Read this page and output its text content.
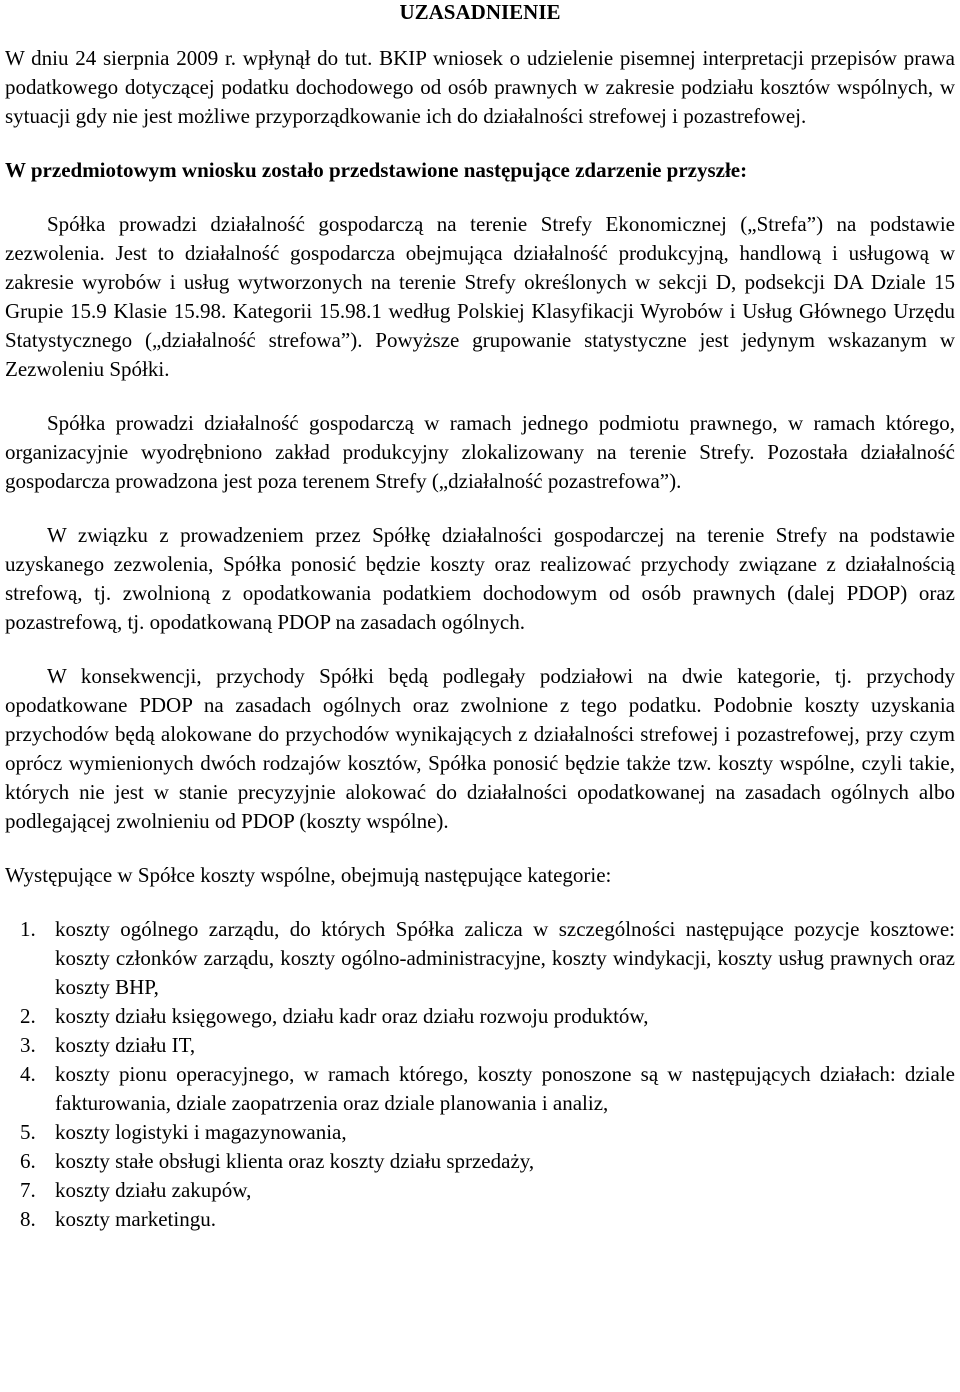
UZASADNIENIE

W dniu 24 sierpnia 2009 r. wpłynął do tut. BKIP wniosek o udzielenie pisemnej interpretacji przepisów prawa podatkowego dotyczącej podatku dochodowego od osób prawnych w zakresie podziału kosztów wspólnych, w sytuacji gdy nie jest możliwe przyporządkowanie ich do działalności strefowej i pozastrefowej.

W przedmiotowym wniosku zostało przedstawione następujące zdarzenie przyszłe:

Spółka prowadzi działalność gospodarczą na terenie Strefy Ekonomicznej („Strefa”) na podstawie zezwolenia. Jest to działalność gospodarcza obejmująca działalność produkcyjną, handlową i usługową w zakresie wyrobów i usług wytworzonych na terenie Strefy określonych w sekcji D, podsekcji DA Dziale 15 Grupie 15.9 Klasie 15.98. Kategorii 15.98.1 według Polskiej Klasyfikacji Wyrobów i Usług Głównego Urzędu Statystycznego („działalność strefowa”). Powyższe grupowanie statystyczne jest jedynym wskazanym w Zezwoleniu Spółki.

Spółka prowadzi działalność gospodarczą w ramach jednego podmiotu prawnego, w ramach którego, organizacyjnie wyodrębniono zakład produkcyjny zlokalizowany na terenie Strefy. Pozostała działalność gospodarcza prowadzona jest poza terenem Strefy („działalność pozastrefowa”).

W związku z prowadzeniem przez Spółkę działalności gospodarczej na terenie Strefy na podstawie uzyskanego zezwolenia, Spółka ponosić będzie koszty oraz realizować przychody związane z działalnością strefową, tj. zwolnioną z opodatkowania podatkiem dochodowym od osób prawnych (dalej PDOP) oraz pozastrefową, tj. opodatkowaną PDOP na zasadach ogólnych.

W konsekwencji, przychody Spółki będą podlegały podziałowi na dwie kategorie, tj. przychody opodatkowane PDOP na zasadach ogólnych oraz zwolnione z tego podatku. Podobnie koszty uzyskania przychodów będą alokowane do przychodów wynikających z działalności strefowej i pozastrefowej, przy czym oprócz wymienionych dwóch rodzajów kosztów, Spółka ponosić będzie także tzw. koszty wspólne, czyli takie, których nie jest w stanie precyzyjnie alokować do działalności opodatkowanej na zasadach ogólnych albo podlegającej zwolnieniu od PDOP (koszty wspólne).

Występujące w Spółce koszty wspólne, obejmują następujące kategorie:

1. koszty ogólnego zarządu, do których Spółka zalicza w szczególności następujące pozycje kosztowe: koszty członków zarządu, koszty ogólno-administracyjne, koszty windykacji, koszty usług prawnych oraz koszty BHP,
2. koszty działu księgowego, działu kadr oraz działu rozwoju produktów,
3. koszty działu IT,
4. koszty pionu operacyjnego, w ramach którego, koszty ponoszone są w następujących działach: dziale fakturowania, dziale zaopatrzenia oraz dziale planowania i analiz,
5. koszty logistyki i magazynowania,
6. koszty stałe obsługi klienta oraz koszty działu sprzedaży,
7. koszty działu zakupów,
8. koszty marketingu.
